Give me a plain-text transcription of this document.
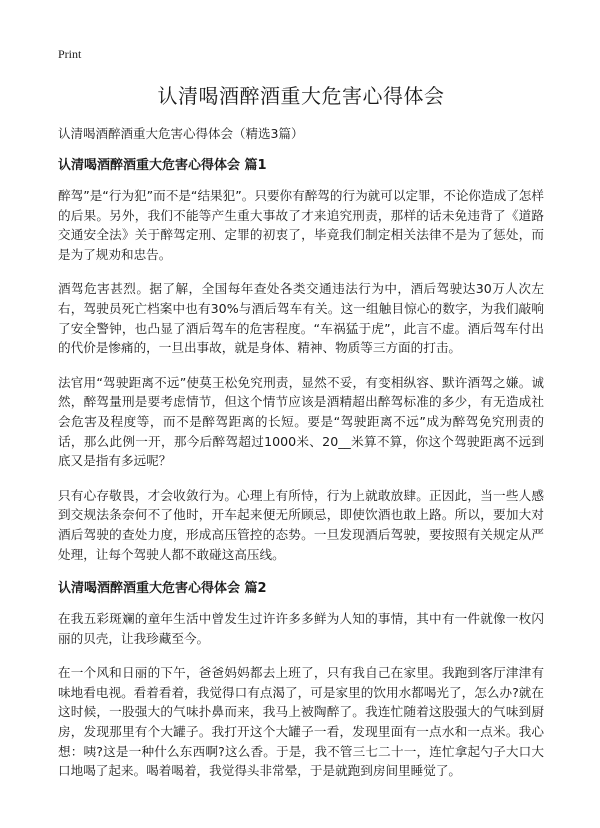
Print
认清喝酒醉酒重大危害心得体会
认清喝酒醉酒重大危害心得体会（精选3篇）
认清喝酒醉酒重大危害心得体会 篇1

醉驾”是“行为犯”而不是“结果犯”。只要你有醉驾的行为就可以定罪，不论你造成了怎样的后果。另外，我们不能等产生重大事故了才来追究刑责，那样的话未免违背了《道路交通安全法》关于醉驾定刑、定罪的初衷了，毕竟我们制定相关法律不是为了惩处，而是为了规劝和忠告。

酒驾危害甚烈。据了解，全国每年查处各类交通违法行为中，酒后驾驶达30万人次左右，驾驶员死亡档案中也有30%与酒后驾车有关。这一组触目惊心的数字，为我们敲响了安全警钟，也凸显了酒后驾车的危害程度。“车祸猛于虎”，此言不虚。酒后驾车付出的代价是惨痛的，一旦出事故，就是身体、精神、物质等三方面的打击。

法官用“驾驶距离不远”使莫王松免究刑责，显然不妥，有变相纵容、默许酒驾之嫌。诚然，醉驾量刑是要考虑情节，但这个情节应该是酒精超出醉驾标准的多少，有无造成社会危害及程度等，而不是醉驾距离的长短。要是“驾驶距离不远”成为醉驾免究刑责的话，那么此例一开，那今后醉驾超过1000米、20__米算不算，你这个驾驶距离不远到底又是指有多远呢？

只有心存敬畏，才会收敛行为。心理上有所恃，行为上就敢放肆。正因此，当一些人感到交规法条奈何不了他时，开车起来便无所顾忌，即使饮酒也敢上路。所以，要加大对酒后驾驶的查处力度，形成高压管控的态势。一旦发现酒后驾驶，要按照有关规定从严处理，让每个驾驶人都不敢碰这高压线。

认清喝酒醉酒重大危害心得体会 篇2

在我五彩斑斓的童年生活中曾发生过许许多多鲜为人知的事情，其中有一件就像一枚闪丽的贝壳，让我珍藏至今。

在一个风和日丽的下午，爸爸妈妈都去上班了，只有我自己在家里。我跑到客厅津津有味地看电视。看着看着，我觉得口有点渴了，可是家里的饮用水都喝光了，怎么办?就在这时候，一股强大的气味扑鼻而来，我马上被陶醉了。我连忙随着这股强大的气味到厨房，发现那里有个大罐子。我打开这个大罐子一看，发现里面有一点水和一点米。我心想：咦?这是一种什么东西啊?这么香。于是，我不管三七二十一，连忙拿起勺子大口大口地喝了起来。喝着喝着，我觉得头非常晕，于是就跑到房间里睡觉了。
